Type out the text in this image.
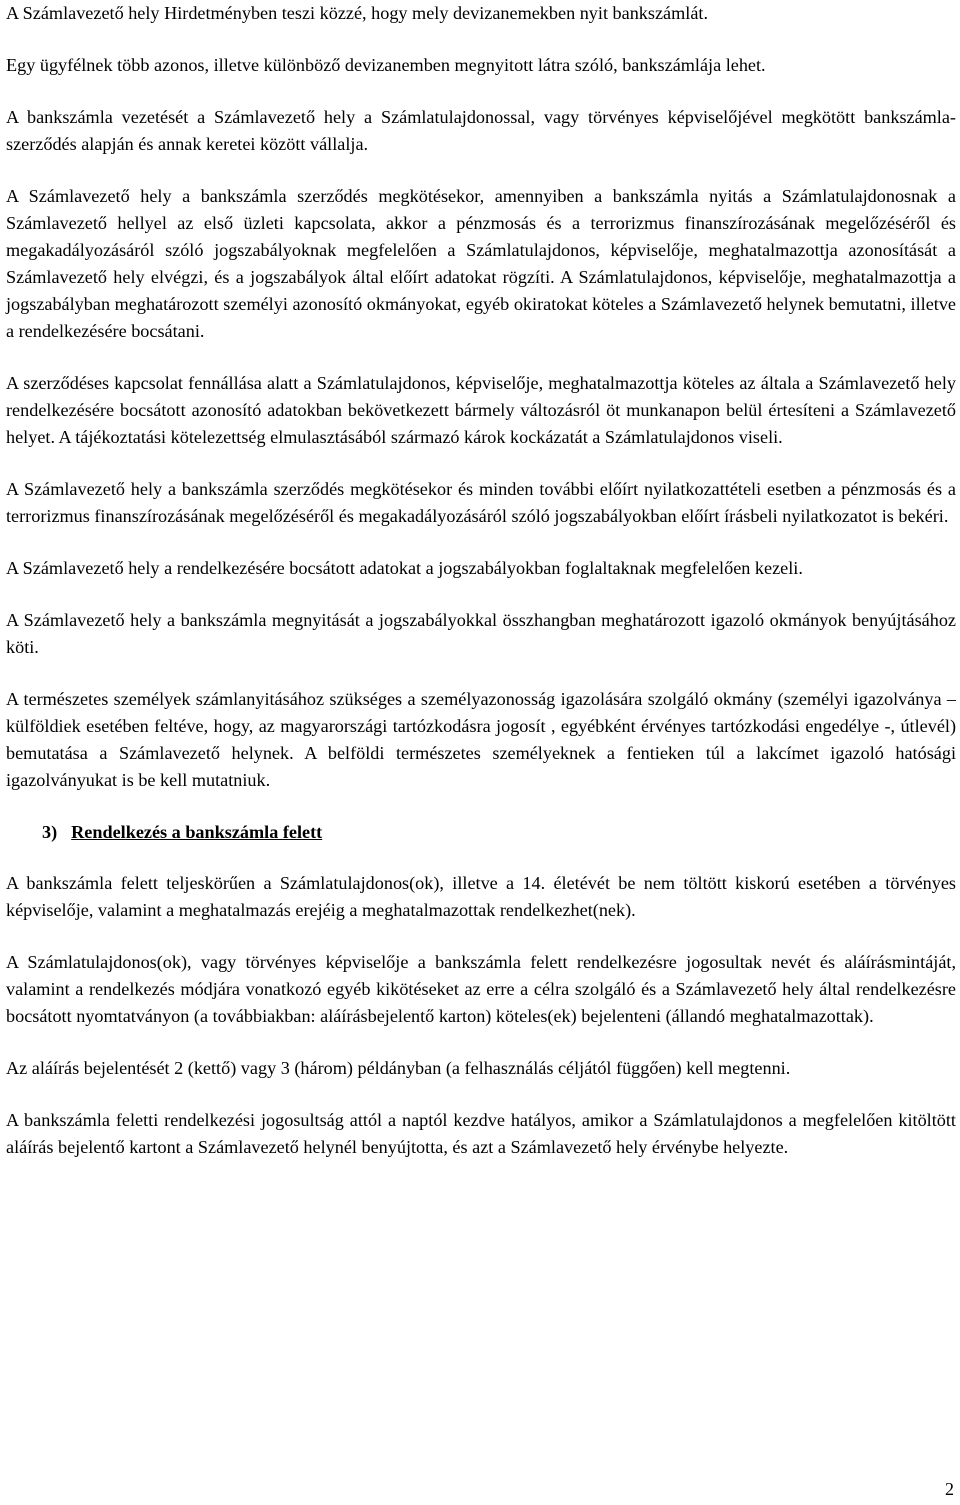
A Számlavezető hely Hirdetményben teszi közzé, hogy mely devizanemekben nyit bankszámlát.

Egy ügyfélnek több azonos, illetve különböző devizanemben megnyitott látra szóló, bankszámlája lehet.

A bankszámla vezetését a Számlavezető hely a Számlatulajdonossal, vagy törvényes képviselőjével megkötött bankszámla-szerződés alapján és annak keretei között vállalja.

A Számlavezető hely a bankszámla szerződés megkötésekor, amennyiben a bankszámla nyitás a Számlatulajdonosnak a Számlavezető hellyel az első üzleti kapcsolata, akkor a pénzmosás és a terrorizmus finanszírozásának megelőzéséről és megakadályozásáról szóló jogszabályoknak megfelelően a Számlatulajdonos, képviselője, meghatalmazottja azonosítását a Számlavezető hely elvégzi, és a jogszabályok által előírt adatokat rögzíti. A Számlatulajdonos, képviselője, meghatalmazottja a jogszabályban meghatározott személyi azonosító okmányokat, egyéb okiratokat köteles a Számlavezető helynek bemutatni, illetve a rendelkezésére bocsátani.

A szerződéses kapcsolat fennállása alatt a Számlatulajdonos, képviselője, meghatalmazottja köteles az általa a Számlavezető hely rendelkezésére bocsátott azonosító adatokban bekövetkezett bármely változásról öt munkanapon belül értesíteni a Számlavezető helyet. A tájékoztatási kötelezettség elmulasztásából származó károk kockázatát a Számlatulajdonos viseli.

A Számlavezető hely a bankszámla szerződés megkötésekor és minden további előírt nyilatkozattételi esetben a pénzmosás és a terrorizmus finanszírozásának megelőzéséről és megakadályozásáról szóló jogszabályokban előírt írásbeli nyilatkozatot is bekéri.

A Számlavezető hely a rendelkezésére bocsátott adatokat a jogszabályokban foglaltaknak megfelelően kezeli.

A Számlavezető hely a bankszámla megnyitását a jogszabályokkal összhangban meghatározott igazoló okmányok benyújtásához köti.

A természetes személyek számlanyitásához szükséges a személyazonosság igazolására szolgáló okmány (személyi igazolványa – külföldiek esetében feltéve, hogy, az magyarországi tartózkodásra jogosít , egyébként érvényes tartózkodási engedélye -, útlevél) bemutatása a Számlavezető helynek. A belföldi természetes személyeknek a fentieken túl a lakcímet igazoló hatósági igazolványukat is be kell mutatniuk.

3) Rendelkezés a bankszámla felett

A bankszámla felett teljeskörűen a Számlatulajdonos(ok), illetve a 14. életévét be nem töltött kiskorú esetében a törvényes képviselője, valamint a meghatalmazás erejéig a meghatalmazottak rendelkezhet(nek).

A Számlatulajdonos(ok), vagy törvényes képviselője a bankszámla felett rendelkezésre jogosultak nevét és aláírásmintáját, valamint a rendelkezés módjára vonatkozó egyéb kikötéseket az erre a célra szolgáló és a Számlavezető hely által rendelkezésre bocsátott nyomtatványon (a továbbiakban: aláírásbejelentő karton) köteles(ek) bejelenteni (állandó meghatalmazottak).

Az aláírás bejelentését 2 (kettő) vagy 3 (három) példányban (a felhasználás céljától függően) kell megtenni.

A bankszámla feletti rendelkezési jogosultság attól a naptól kezdve hatályos, amikor a Számlatulajdonos a megfelelően kitöltött aláírás bejelentő kartont a Számlavezető helynél benyújtotta, és azt a Számlavezető hely érvénybe helyezte.

2
